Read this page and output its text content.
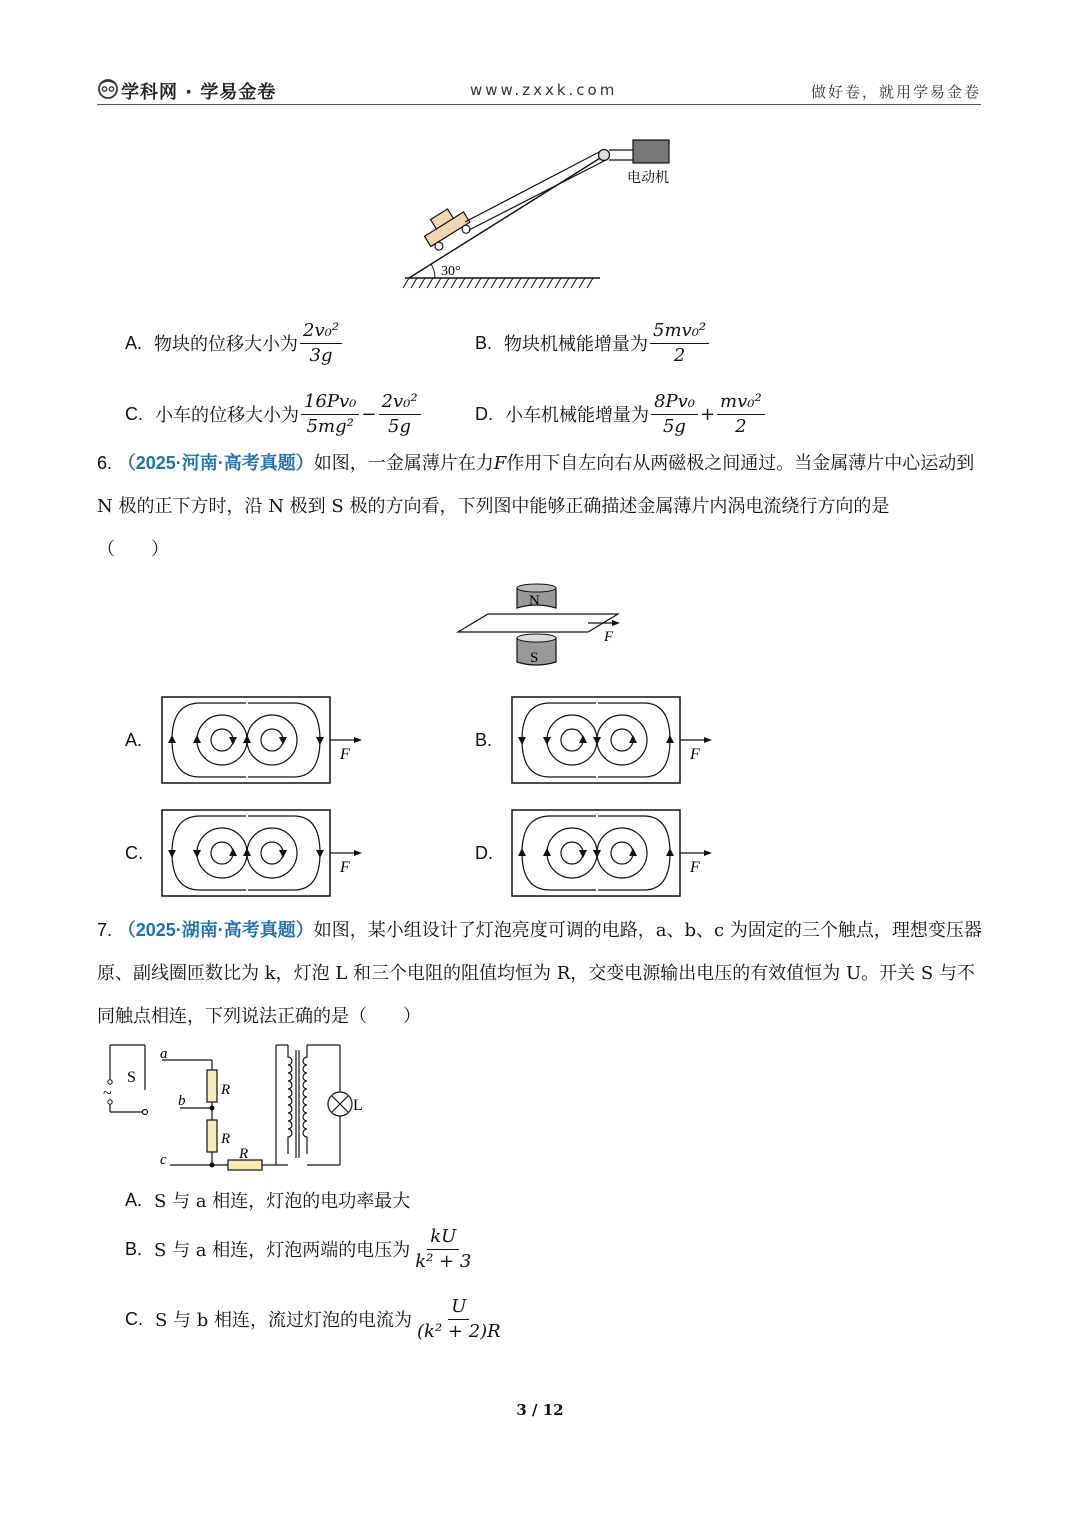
学科网 · 学易金卷	www.zxxk.com	做好卷，就用学易金卷
30°
电动机
A. 物块的位移大小为 $\frac{\text{2v₀²}}{3g}$	B. 物块机械能增量为 $\frac{\text{5mv₀²}}{2}$
C. 小车的位移大小为 $\frac{\text{16Pv₀}}{\text{5mg²}} - \frac{\text{2v₀²}}{5g}$	D. 小车机械能增量为 $\frac{\text{8Pv₀}}{5g} + \frac{\text{mv₀²}}{2}$
6. （2025·河南·高考真题）如图，一金属薄片在力F作用下自左向右从两磁极之间通过。当金属薄片中心运动到 N 极的正下方时，沿 N 极到 S 极的方向看，下列图中能够正确描述金属薄片内涡电流绕行方向的是
（　　）
N
F
S
A.
F
B.
F
C.
F
D.
F
7. （2025·湖南·高考真题）如图，某小组设计了灯泡亮度可调的电路，a、b、c 为固定的三个触点，理想变压器原、副线圈匝数比为 k，灯泡 L 和三个电阻的阻值均恒为 R，交变电源输出电压的有效值恒为 U。开关 S 与不同触点相连，下列说法正确的是（　　）
~
S
a
b
c
R
R
R
L
A. S 与 a 相连，灯泡的电功率最大
B. S 与 a 相连，灯泡两端的电压为 $\frac{kU}{\text{k² + 3}}$
C. S 与 b 相连，流过灯泡的电流为 $\frac{U}{\text{(k² + 2)R}}$
3 / 12
